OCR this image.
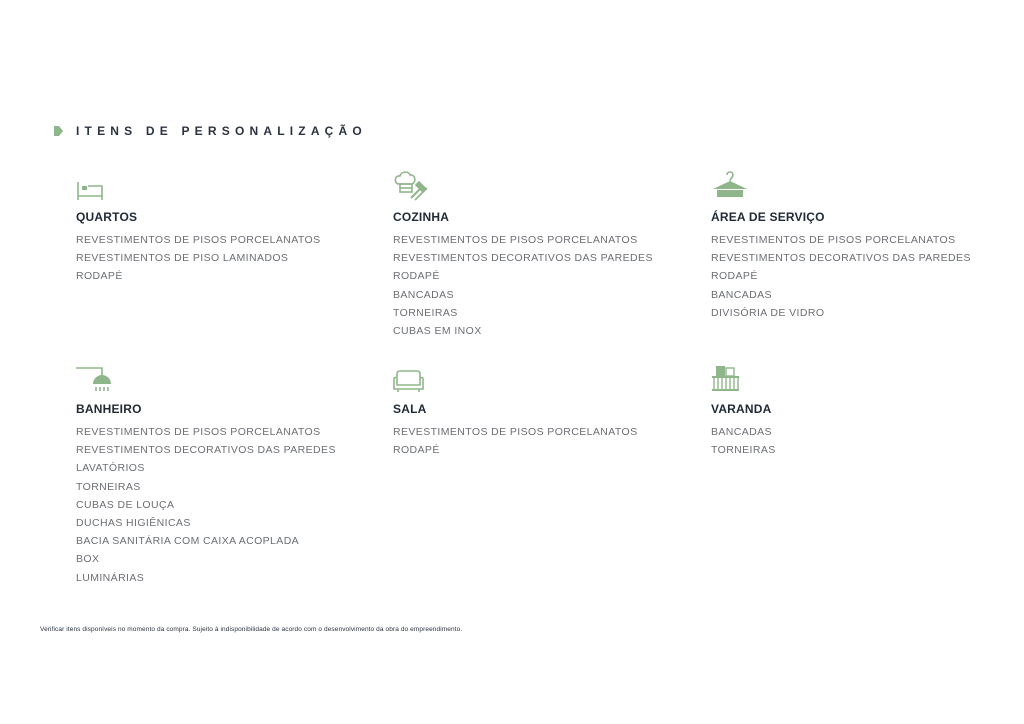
ITENS DE PERSONALIZAÇÃO
QUARTOS
REVESTIMENTOS DE PISOS PORCELANATOS
REVESTIMENTOS DE PISO LAMINADOS
RODAPÉ
COZINHA
REVESTIMENTOS DE PISOS PORCELANATOS
REVESTIMENTOS DECORATIVOS DAS PAREDES
RODAPÉ
BANCADAS
TORNEIRAS
CUBAS EM INOX
ÁREA DE SERVIÇO
REVESTIMENTOS DE PISOS PORCELANATOS
REVESTIMENTOS DECORATIVOS DAS PAREDES
RODAPÉ
BANCADAS
DIVISÓRIA DE VIDRO
BANHEIRO
REVESTIMENTOS DE PISOS PORCELANATOS
REVESTIMENTOS DECORATIVOS DAS PAREDES
LAVATÓRIOS
TORNEIRAS
CUBAS DE LOUÇA
DUCHAS HIGIÊNICAS
BACIA SANITÁRIA COM CAIXA ACOPLADA
BOX
LUMINÁRIAS
SALA
REVESTIMENTOS DE PISOS PORCELANATOS
RODAPÉ
VARANDA
BANCADAS
TORNEIRAS
Verificar itens disponíveis no momento da compra. Sujeito à indisponibilidade de acordo com o desenvolvimento da obra do empreendimento.
